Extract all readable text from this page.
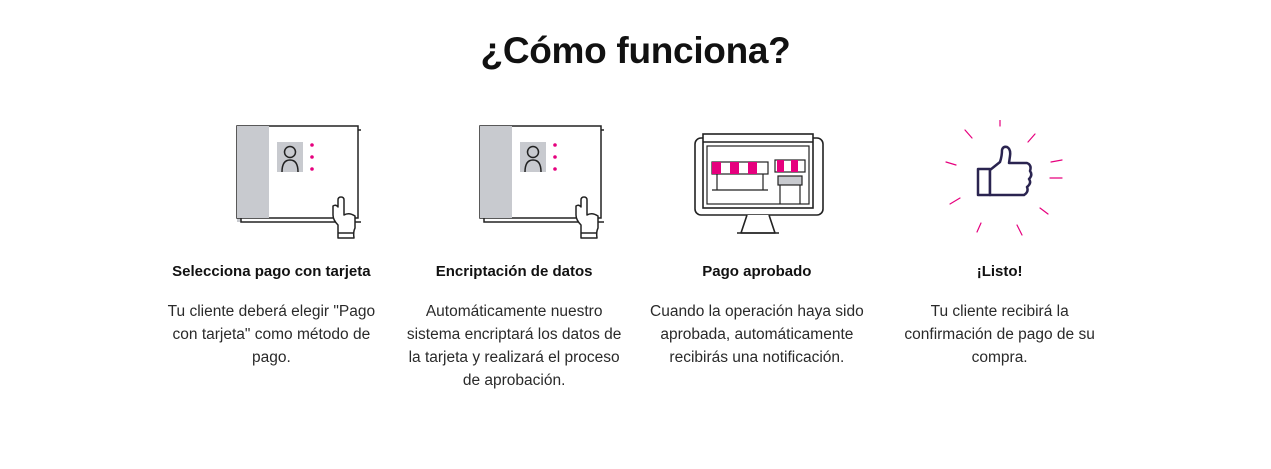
¿Cómo funciona?
Selecciona pago con tarjeta
Tu cliente deberá elegir "Pago con tarjeta" como método de pago.
Encriptación de datos
Automáticamente nuestro sistema encriptará los datos de la tarjeta y realizará el proceso de aprobación.
Pago aprobado
Cuando la operación haya sido aprobada, automáticamente recibirás una notificación.
¡Listo!
Tu cliente recibirá la confirmación de pago de su compra.
